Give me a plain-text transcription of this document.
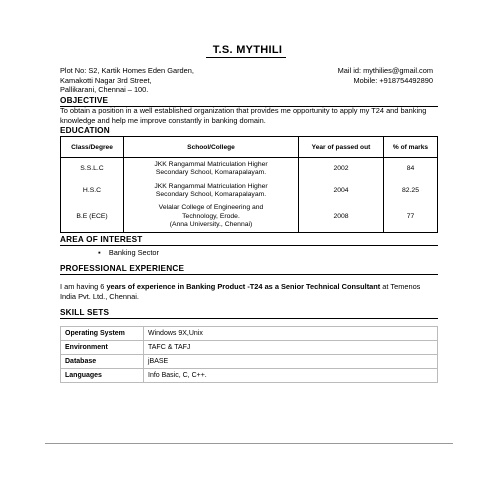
T.S. MYTHILI
Plot No: S2, Kartik Homes Eden Garden,
Kamakotti Nagar 3rd Street,
Pallikarani, Chennai – 100.
Mail id: mythilies@gmail.com
Mobile: +918754492890
OBJECTIVE
To obtain a position in a well established organization that provides me opportunity to apply my T24 and banking knowledge and help me improve constantly in banking domain.
EDUCATION
Class/Degree	School/College	Year of passed out	% of marks
S.S.L.C	JKK Rangammal Matriculation Higher
Secondary School, Komarapalayam.	2002	84
H.S.C	JKK Rangammal Matriculation Higher
Secondary School, Komarapalayam.	2004	82.25
B.E (ECE)	Velalar College of Engineering and
Technology, Erode.
(Anna University., Chennai)	2008	77
AREA OF INTEREST
▪ Banking Sector
PROFESSIONAL EXPERIENCE
I am having 6 years of experience in Banking Product -T24 as a Senior Technical Consultant at Temenos India Pvt. Ltd., Chennai.
SKILL SETS
Operating System	Windows 9X,Unix
Environment	TAFC & TAFJ
Database	jBASE
Languages	Info Basic, C, C++.
